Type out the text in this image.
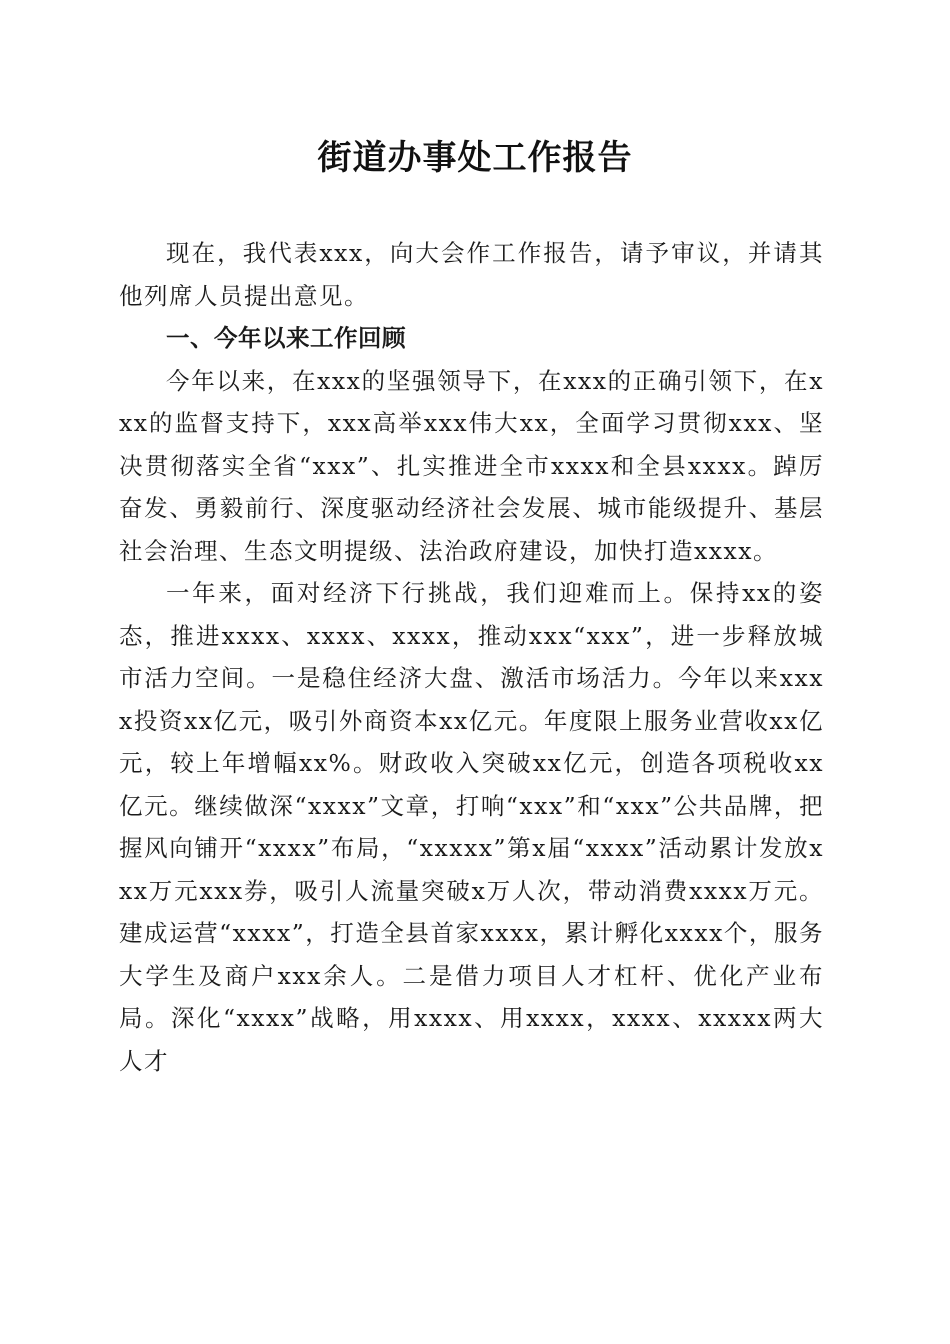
街道办事处工作报告

现在，我代表xxx，向大会作工作报告，请予审议，并请其他列席人员提出意见。

一、今年以来工作回顾

今年以来，在xxx的坚强领导下，在xxx的正确引领下，在xxx的监督支持下，xxx高举xxx伟大xx，全面学习贯彻xxx、坚决贯彻落实全省“xxx”、扎实推进全市xxxx和全县xxxx。踔厉奋发、勇毅前行、深度驱动经济社会发展、城市能级提升、基层社会治理、生态文明提级、法治政府建设，加快打造xxxx。

一年来，面对经济下行挑战，我们迎难而上。保持xx的姿态，推进xxxx、xxxx、xxxx，推动xxx“xxx”，进一步释放城市活力空间。一是稳住经济大盘、激活市场活力。今年以来xxxx投资xx亿元，吸引外商资本xx亿元。年度限上服务业营收xx亿元，较上年增幅xx%。财政收入突破xx亿元，创造各项税收xx亿元。继续做深“xxxx”文章，打响“xxx”和“xxx”公共品牌，把握风向铺开“xxxx”布局，“xxxxx”第x届“xxxx”活动累计发放xxx万元xxx券，吸引人流量突破x万人次，带动消费xxxx万元。建成运营“xxxx”，打造全县首家xxxx，累计孵化xxxx个，服务大学生及商户xxx余人。二是借力项目人才杠杆、优化产业布局。深化“xxxx”战略，用xxxx、用xxxx，xxxx、xxxxx两大人才
